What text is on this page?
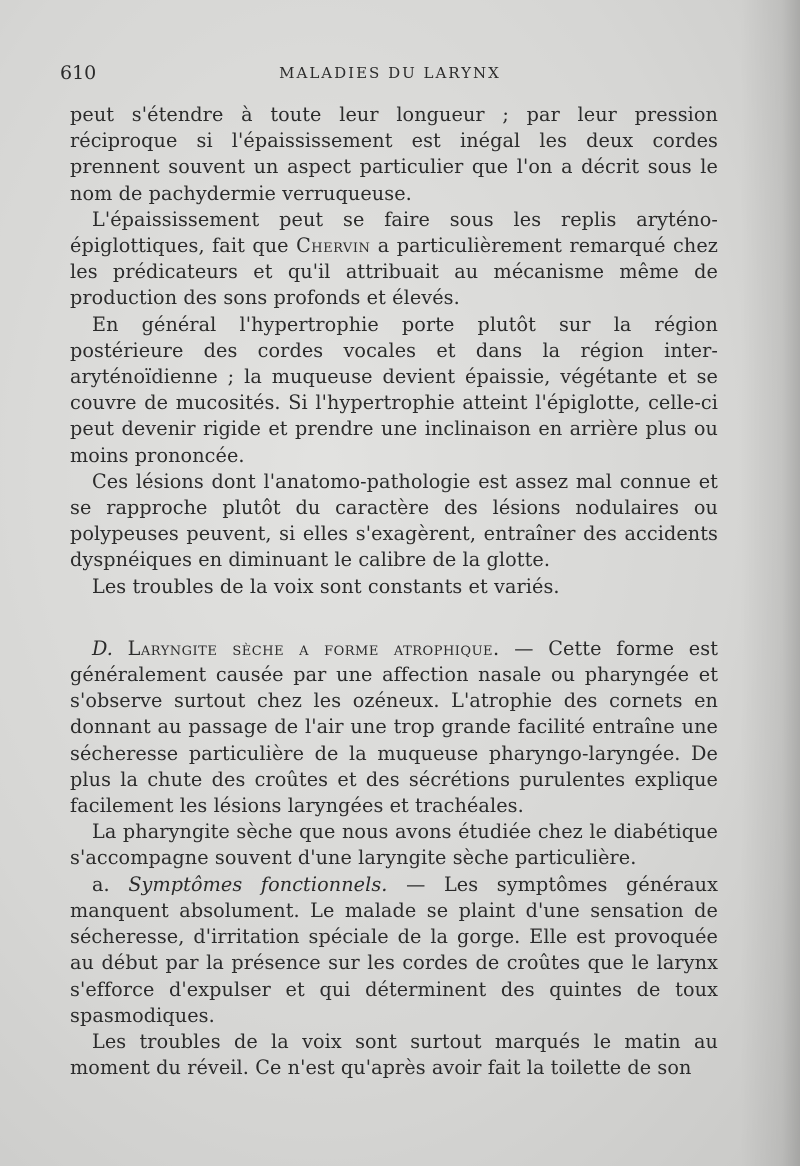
610	MALADIES DU LARYNX

peut s'étendre à toute leur longueur ; par leur pression réciproque si l'épaississement est inégal les deux cordes prennent souvent un aspect particulier que l'on a décrit sous le nom de pachydermie verruqueuse.

L'épaississement peut se faire sous les replis aryténo-épiglottiques, fait que Chervin a particulièrement remarqué chez les prédicateurs et qu'il attribuait au mécanisme même de production des sons profonds et élevés.

En général l'hypertrophie porte plutôt sur la région postérieure des cordes vocales et dans la région inter-aryténoïdienne ; la muqueuse devient épaissie, végétante et se couvre de mucosités. Si l'hypertrophie atteint l'épiglotte, celle-ci peut devenir rigide et prendre une inclinaison en arrière plus ou moins prononcée.

Ces lésions dont l'anatomo-pathologie est assez mal connue et se rapproche plutôt du caractère des lésions nodulaires ou polypeuses peuvent, si elles s'exagèrent, entraîner des accidents dyspnéiques en diminuant le calibre de la glotte.

Les troubles de la voix sont constants et variés.

D. Laryngite sèche a forme atrophique. — Cette forme est généralement causée par une affection nasale ou pharyngée et s'observe surtout chez les ozéneux. L'atrophie des cornets en donnant au passage de l'air une trop grande facilité entraîne une sécheresse particulière de la muqueuse pharyngo-laryngée. De plus la chute des croûtes et des sécrétions purulentes explique facilement les lésions laryngées et trachéales.

La pharyngite sèche que nous avons étudiée chez le diabétique s'accompagne souvent d'une laryngite sèche particulière.

a. Symptômes fonctionnels. — Les symptômes généraux manquent absolument. Le malade se plaint d'une sensation de sécheresse, d'irritation spéciale de la gorge. Elle est provoquée au début par la présence sur les cordes de croûtes que le larynx s'efforce d'expulser et qui déterminent des quintes de toux spasmodiques.

Les troubles de la voix sont surtout marqués le matin au moment du réveil. Ce n'est qu'après avoir fait la toilette de son
